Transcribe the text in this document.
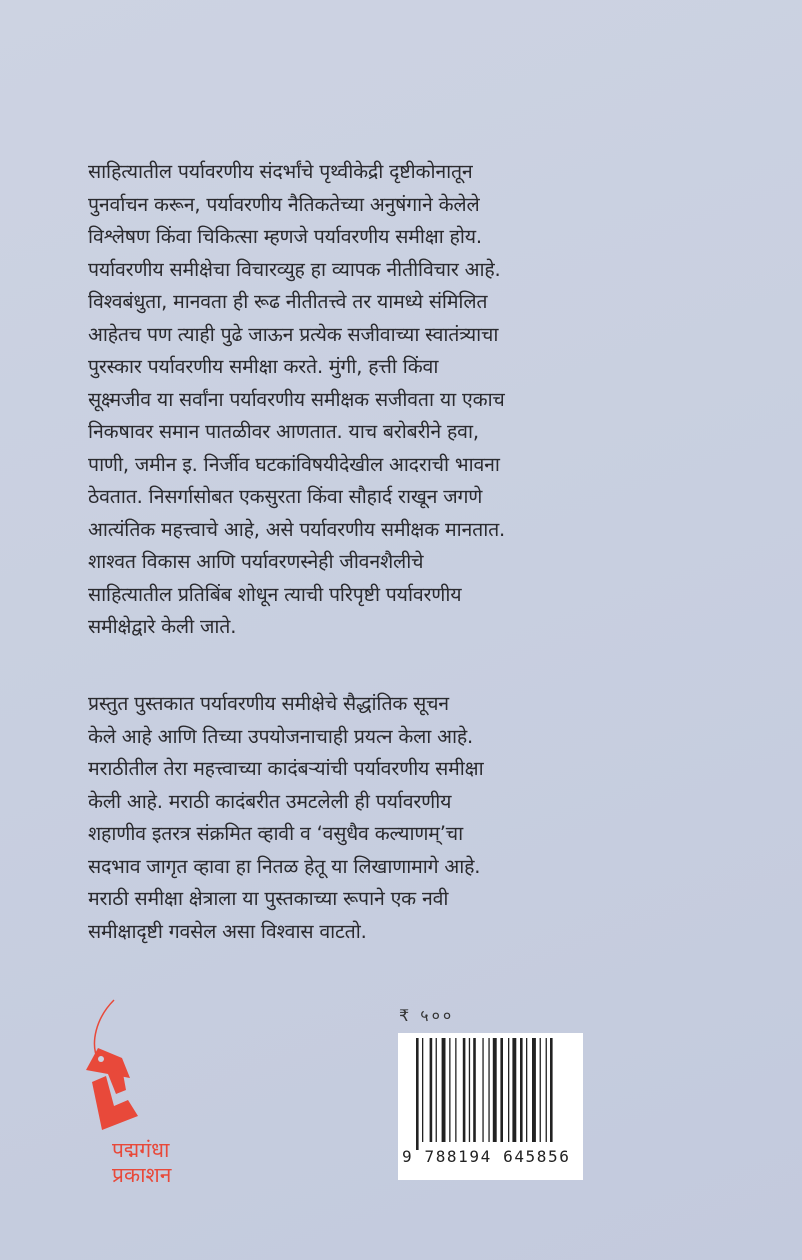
साहित्यातील पर्यावरणीय संदर्भांचे पृथ्वीकेद्री दृष्टीकोनातून
पुनर्वाचन करून, पर्यावरणीय नैतिकतेच्या अनुषंगाने केलेले
विश्लेषण किंवा चिकित्सा म्हणजे पर्यावरणीय समीक्षा होय.
पर्यावरणीय समीक्षेचा विचारव्युह हा व्यापक नीतीविचार आहे.
विश्वबंधुता, मानवता ही रूढ नीतीतत्त्वे तर यामध्ये संमिलित
आहेतच पण त्याही पुढे जाऊन प्रत्येक सजीवाच्या स्वातंत्र्याचा
पुरस्कार पर्यावरणीय समीक्षा करते. मुंगी, हत्ती किंवा
सूक्ष्मजीव या सर्वांना पर्यावरणीय समीक्षक सजीवता या एकाच
निकषावर समान पातळीवर आणतात. याच बरोबरीने हवा,
पाणी, जमीन इ. निर्जीव घटकांविषयीदेखील आदराची भावना
ठेवतात. निसर्गासोबत एकसुरता किंवा सौहार्द राखून जगणे
आत्यंतिक महत्त्वाचे आहे, असे पर्यावरणीय समीक्षक मानतात.
शाश्वत विकास आणि पर्यावरणस्नेही जीवनशैलीचे
साहित्यातील प्रतिबिंब शोधून त्याची परिपृष्टी पर्यावरणीय
समीक्षेद्वारे केली जाते.
प्रस्तुत पुस्तकात पर्यावरणीय समीक्षेचे सैद्धांतिक सूचन
केले आहे आणि तिच्या उपयोजनाचाही प्रयत्न केला आहे.
मराठीतील तेरा महत्त्वाच्या कादंबऱ्यांची पर्यावरणीय समीक्षा
केली आहे. मराठी कादंबरीत उमटलेली ही पर्यावरणीय
शहाणीव इतरत्र संक्रमित व्हावी व ‘वसुधैव कल्याणम्’चा
सदभाव जागृत व्हावा हा नितळ हेतू या लिखाणामागे आहे.
मराठी समीक्षा क्षेत्राला या पुस्तकाच्या रूपाने एक नवी
समीक्षादृष्टी गवसेल असा विश्वास वाटतो.
₹ ५००
9 788194 645856
पद्मगंधा
प्रकाशन
